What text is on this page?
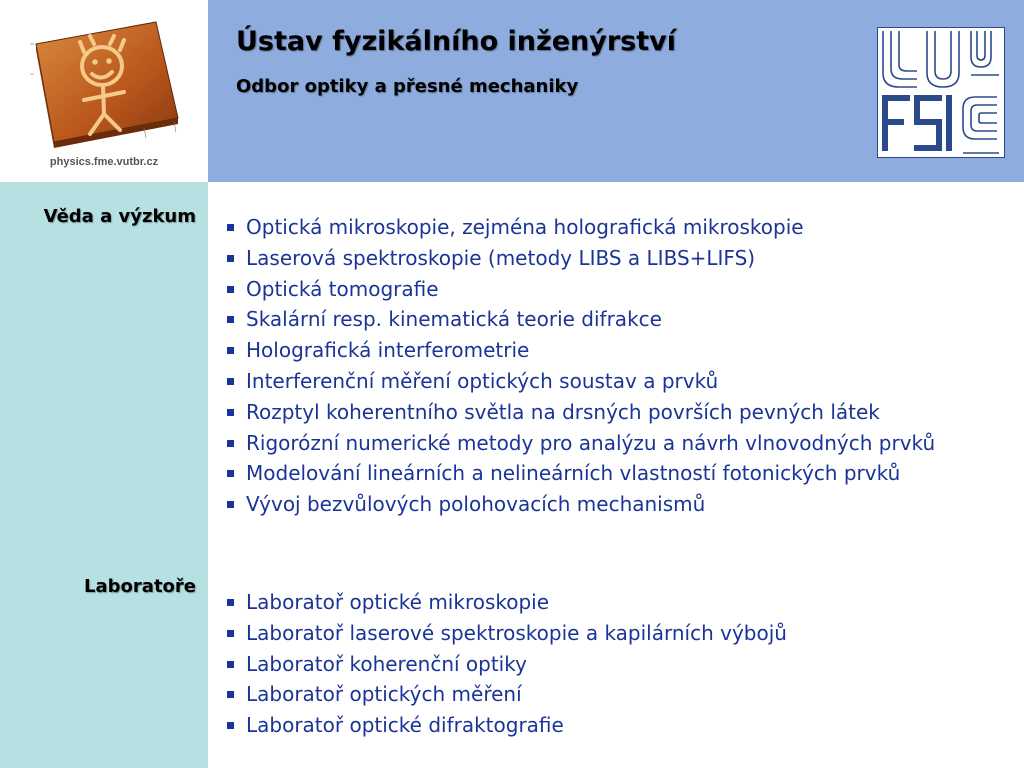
physics.fme.vutbr.cz
Ústav fyzikálního inženýrství
Odbor optiky a přesné mechaniky
Věda a výzkum
Laboratoře
Optická mikroskopie, zejména holografická mikroskopie
Laserová spektroskopie (metody LIBS a LIBS+LIFS)
Optická tomografie
Skalární resp. kinematická teorie difrakce
Holografická interferometrie
Interferenční měření optických soustav a prvků
Rozptyl koherentního světla na drsných površích pevných látek
Rigorózní numerické metody pro analýzu a návrh vlnovodných prvků
Modelování lineárních a nelineárních vlastností fotonických prvků
Vývoj bezvůlových polohovacích mechanismů
Laboratoř optické mikroskopie
Laboratoř laserové spektroskopie a kapilárních výbojů
Laboratoř koherenční optiky
Laboratoř optických měření
Laboratoř optické difraktografie
